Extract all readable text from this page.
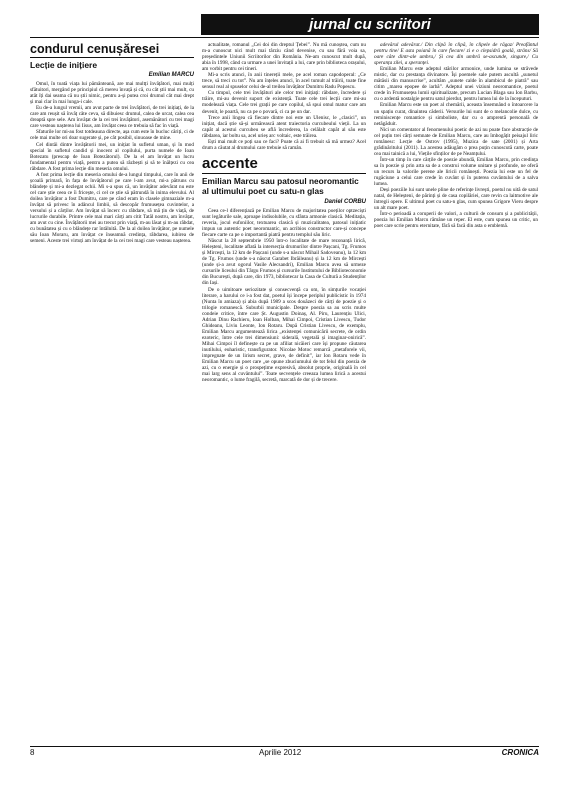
jurnal cu scriitori
condurul cenușăresei
Lecție de inițiere
Emilian MARCU

Omul, în toată viața lui pământeană, are mai multți învățători, mai mulți sfătuitori, mergând pe principiul că mereu învață și că, cu cât știi mai mult, cu atât îți dai seama că nu știi nimic, pentru a-și putea croi drumul cât mai drept și mai clar în mai lunga-i cale.

Eu de-a lungul vremii, am avut parte de trei învățători, de trei inițiați, de la care am reușit să învăț câte ceva, să dibuiesc drumul, calea de urcat, calea cea dreaptă spre sele. Am învățat de la cei trei învățători, asemănători cu trei magi care vesteau nașterea lui Iisus, am învățat ceea ce trebuia să fac în viață.

Sfaturile lor mi-au fost totdeauna directe, așa cum este în bucluc căriți, ci de cele mai multe ori doar sugerate și, pe cât posibil, sinuoase de mine.

Cel dintâi dintre învățătorii mei, un inițiat în sufletul uman, și în mod special în sufletul candid și inocent al copilului, purta numele de Ioan Botezatu (prescap de Ioan Botezătorul). De la el am învățat un lucru fundamental pentru viață, pentru a putea să răzbești și să te înălțezi cu cea răbdare. A fost prima lecție din meseria omului.

A fost prima lecție din meseria omului de-a lungul timpului, care în anii de școală primară, în fața de învățătorul pe care l-am avut, mi-a pătruns cu blândețe și mi-a dezlegat ochii. Mi s-a spus că, un învățător adevărat nu este cel care știe ceea ce îi fricește, ci cel ce știe să pătrundă în inima elevului. Al doilea învățător a fost Dumitru, care pe când eram în clasele gimnaziale m-a învățat să privesc în adâncul limbii, să descopăr frumusețea cuvintelor, a versului și a cărților. Am învățat să încerc cu răbdare, să mă țin de viață, de lucrurile durabile. Printre cele mai mari cărți am citit Tatăl nostru, am învățat, am avut cu cine. Învățătorii mei au trecut prin viață, m-au lăsat și m-au răbdat, cu bunătatea și cu o blândețe rar întâlnită. De la al doilea învățător, pe numele său Ioan Moraru, am învățat ce înseamnă credința, răbdarea, iubirea de semeni. Aceste trei virtuți am învățat de la cei trei magi care vesteau nașterea.

actualitate, romanul „Cei doi din dreptul Țebei”. Nu mă cunoștea, cum nu m-a cunoscut nici mult mai târziu când devenise, cu sau fără voia sa, președintele Uniunii Scriitorilor din România. Ne-am cunoscut mult după, abia în 1998, când ca urmare a unei învitații a lui, care prin biblioteca orașului, am vorbit pentru cei tineri.

Mi-a scris atunci, în anii tinereții mele, pe acel roman capodoperal: „Ce trece, să treci cu tot”. Nu am înțeles atunci, în acel tumult al trăirii, toate fine sensul real al spuselor celui de-al treilea învățător Dumitru Radu Popescu.

Cu timpul, cele trei învățături ale celor trei inițiați: răbdare, încredere și trăire, mi-au devenit suport de existență. Toate cele trei lecții care mi-au modelează viața. Cele trei grații pe care copilul, să spui omul matur care am devenit, le poartă, nu ca pe o povară, ci ca pe un dar.

Trece anii lingea că fiecare dintre noi este un Ulenisc, le „clasici”, un inițiat, dacă știe să-și urmărească atent traiectoria curcubeului vieții. La un capăt al acestui curcubeu se află încrederea, la celălalt capăt al său este răbdarea, iar boltu sa, acel urieș arc voltaic, este trăirea.

Ești mai mult ce poți sau ce faci? Poate că ai fi trebuit să mă urmez? Acel drum a căutat al drumului care trebuie să ramân.

accente
Emilian Marcu sau patosul neoromantic al ultimului poet cu satu-n glas
Daniel CORBU

Ceea ce-l diferențiază pe Emilian Marcu de majoritatea poeților optzeciști sunt legăturile sale, aproape indisolubile, cu sfânta armonie clasică. Meditația, reveria, jocul eufoniilor, textuarea clasică și muzicalitatea, patosul inițiatic impun un autentic poet neoromantic, un acribios constructor care-și concepe fiecare carte ca pe o importantă piatră pentru templul său liric.

Născut la 28 septembrie 1950 într-o localitate de mare rezonanță lirică, Heleșteni, localitate aflată la intersecția drumurilor dintre Pașcani, Tg. Frumos și Mircești, la 12 km de Pașcani (unde s-a născut Mihail Sadoveanu), la 12 km de Tg. Frumos (unde s-a născut Garabet Ibrăileanu) și la 12 km de Mircești (unde și-a avut ogorul Vasile Alecsandri), Emilian Marcu avea să urmeze cursurile liceului din Târgu Frumos și cursurile Institutului de Biblioteconomie din București, după care, din 1973, bibliotecar la Casa de Cultură a Studenților din Iași.

De o uimitoare seriozitate și consecvență ca om, în simțurile vocației literare, a harului ce i-a fost dat, poetul își începe periplul publicistic în 1974 (Nunta în amiaza) și abia după 1989 a scos douăzeci de cărți de poezie și o trilogie romanescă. Suburbii municipale. Despre poezia sa au scris multe condeie critice, între care Șt. Augustin Doinaș, Al. Piru, Laurențiu Ulici, Adrian Dinu Rachieru, Ioan Holban, Mihai Cimpoi, Cristian Livescu, Tudor Ghideanu, Liviu Leonte, Ion Rotaru. După Cristian Livescu, de exemplu, Emilian Marcu argumentează lirica „existenței comunicării secrete, de ordin ezoteric, între cele trei dimensiuni: siderală, vegetală și imaginar-onirică”. Mihai Cimpoi îl definește ca pe un afiliat nicăieri care își propune căutarea inutilului, euharistic, transfigurator. Nicolae Motoc remarcă „metaforele vii, impregnate de un lirism secret, grave, de definit”, iar Ion Rotaru vede în Emilian Marcu un poet care „se opune zbuciumului de tot felul din poezia de azi, cu o energie și o prospețime expresivă, absolut proprie, originală în cel mai larg sens al cuvântului”. Toate secvențele creeaza lumea lirică a acestui neoromantic, o lume fragilă, secretă, marcată de dor și de trecere.

adevărul adevărat./ Din clipă în clipă, în clipele de răgaz/ Preafăntul pentru tine/ E asta poiană în care fiecare/ zi e o clepsidră goală, strâns/ Să oare câte dintr-ale umbra,/ Și cea din umbră se-ascunde, singure,/ Cu speranța zilei, a speranței.

Emilian Marcu este adeptul stărilor armonice, unde lumina se străvede mistic, dar cu prestanța divinatore. Își poemele sale putem ascultă „sunetul mătăsii din manuscrise”, acultăm „sunete calde în alambicul de piatră” sau citim „marea epopee de iarbă”. Adeptul unei viziuni neoromantice, poetul crede în Frumusețea lumii spiritualizate, precum Lucian Blaga sau Ion Barbu, cu o ardentă nostalgie pentru satul pierdut, pentru lumea lui de la începuturi.

Emilian Marcu este un poet al chemării, aceasta însemnând o întoarcere la un spațiu curat, dinaintea căderii. Versurile lui sunt de o melancolie dulce, cu reminiscențe romantice și simboliste, dar cu o amprentă personală de netăgăduit.

Nici un comentator al fenomenului poetic de azi nu poate face abstracție de cel puțin trei cărți semnate de Emilian Marcu, care au îmbogățit peisajul liric românesc: Lecție de Ostrov (1995), Muzica de sate (2001) și Arta grădinăritului (2011). La acestea adăugăm o prea puțin cunoscută carte, poate cea mai tainică a lui, Viețile sfinților de pe Neamțului.

Într-un timp în care cărțile de poezie abundă, Emilian Marcu, prin credința sa în poezie și prin arta sa de a construi volume unitare și profunde, ne oferă un recurs la valorile perene ale liricii românești. Poezia lui este un fel de rugăciune a celui care crede în cuvânt și în puterea cuvântului de a salva lumea.

Deși poeziile lui sunt unele pline de referințe livrești, poetul nu uită de satul natal, de Heleșteni, de părinți și de casa copilăriei, care revin ca laitmotive ale întregii opere. E ultimul poet cu satu-n glas, cum spunea Grigore Vieru despre un alt mare poet.

Într-o perioadă a coruperii de valori, a culturii de consum și a publicității, poezia lui Emilian Marcu rămâne un reper. El este, cum spunea un critic, un poet care scrie pentru eternitate, fără să facă din asta o emblemă.

8	Aprilie 2012	CRONICA
